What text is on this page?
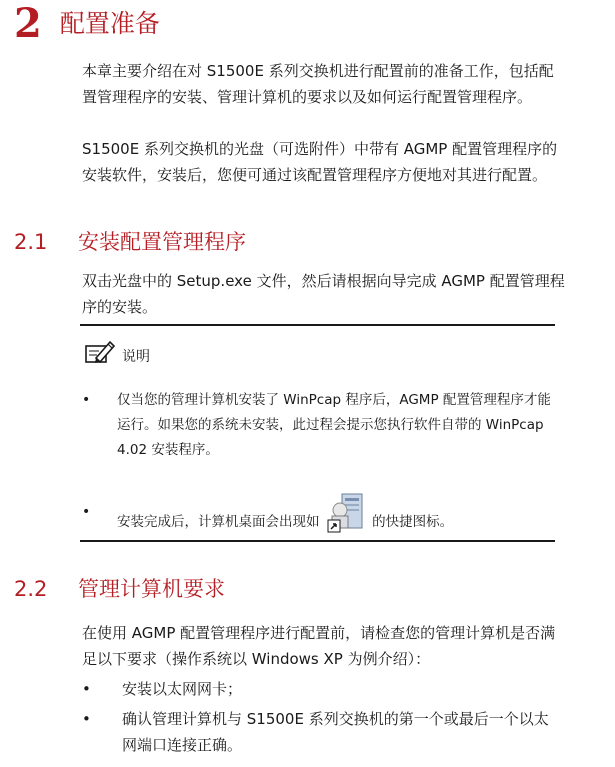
2 配置准备
本章主要介绍在对 S1500E 系列交换机进行配置前的准备工作，包括配置管理程序的安装、管理计算机的要求以及如何运行配置管理程序。
S1500E 系列交换机的光盘（可选附件）中带有 AGMP 配置管理程序的安装软件，安装后，您便可通过该配置管理程序方便地对其进行配置。
2.1 安装配置管理程序
双击光盘中的 Setup.exe 文件，然后请根据向导完成 AGMP 配置管理程序的安装。
说明
• 仅当您的管理计算机安装了 WinPcap 程序后，AGMP 配置管理程序才能运行。如果您的系统未安装，此过程会提示您执行软件自带的 WinPcap 4.02 安装程序。
•
安装完成后，计算机桌面会出现如	的快捷图标。
2.2 管理计算机要求
在使用 AGMP 配置管理程序进行配置前，请检查您的管理计算机是否满足以下要求（操作系统以 Windows XP 为例介绍）：
• 安装以太网网卡；
• 确认管理计算机与 S1500E 系列交换机的第一个或最后一个以太网端口连接正确。
